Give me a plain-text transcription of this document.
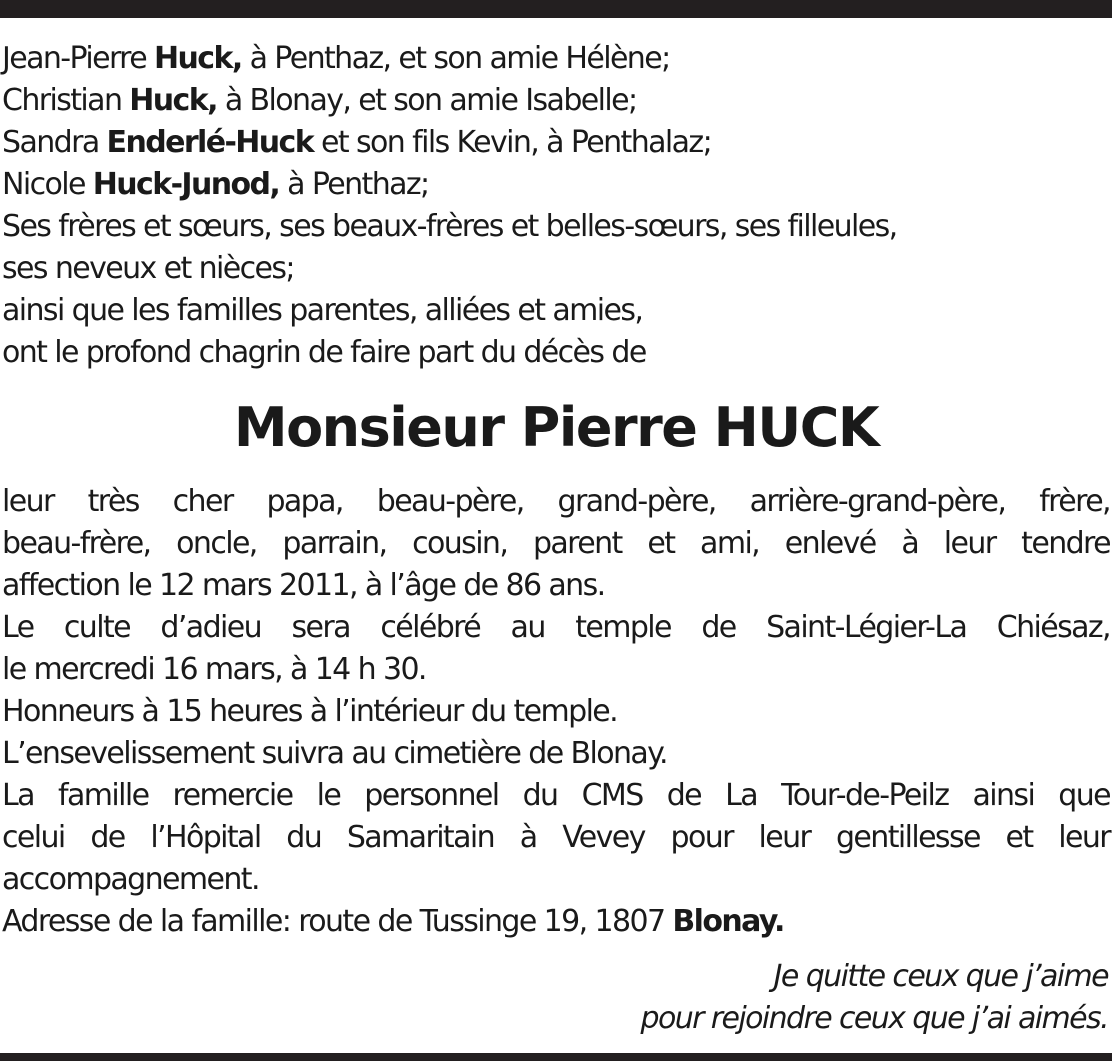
Jean-Pierre Huck, à Penthaz, et son amie Hélène;
Christian Huck, à Blonay, et son amie Isabelle;
Sandra Enderlé-Huck et son fils Kevin, à Penthalaz;
Nicole Huck-Junod, à Penthaz;
Ses frères et sœurs, ses beaux-frères et belles-sœurs, ses filleules,
ses neveux et nièces;
ainsi que les familles parentes, alliées et amies,
ont le profond chagrin de faire part du décès de
Monsieur Pierre HUCK
leur très cher papa, beau-père, grand-père, arrière-grand-père, frère,
beau-frère, oncle, parrain, cousin, parent et ami, enlevé à leur tendre
affection le 12 mars 2011, à l’âge de 86 ans.
Le culte d’adieu sera célébré au temple de Saint-Légier-La Chiésaz,
le mercredi 16 mars, à 14 h 30.
Honneurs à 15 heures à l’intérieur du temple.
L’ensevelissement suivra au cimetière de Blonay.
La famille remercie le personnel du CMS de La Tour-de-Peilz ainsi que
celui de l’Hôpital du Samaritain à Vevey pour leur gentillesse et leur
accompagnement.
Adresse de la famille: route de Tussinge 19, 1807 Blonay.
Je quitte ceux que j’aime
pour rejoindre ceux que j’ai aimés.
